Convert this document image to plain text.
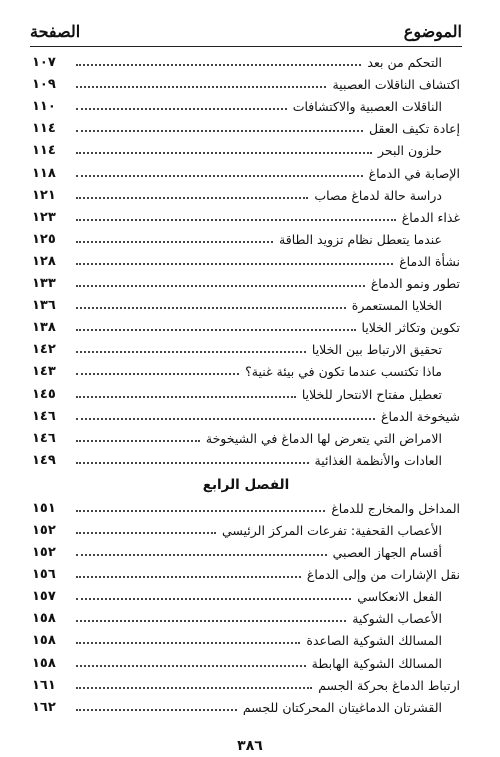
الموضوع
الصفحة
التحكم من بعد
١٠٧
اكتشاف الناقلات العصبية
١٠٩
الناقلات العصبية والاكتشافات
١١٠
إعادة تكيف العقل
١١٤
حلزون البحر
١١٤
الإصابة في الدماغ
١١٨
دراسة حالة لدماغ مصاب
١٢١
غذاء الدماغ
١٢٣
عندما يتعطل نظام تزويد الطاقة
١٢٥
نشأة الدماغ
١٢٨
تطور ونمو الدماغ
١٣٣
الخلايا المستعمرة
١٣٦
تكوين وتكاثر الخلايا
١٣٨
تحقيق الارتباط بين الخلايا
١٤٢
ماذا تكتسب عندما تكون في بيئة غنية؟
١٤٣
تعطيل مفتاح الانتحار للخلايا
١٤٥
شيخوخة الدماغ
١٤٦
الامراض التي يتعرض لها الدماغ في الشيخوخة
١٤٦
العادات والأنظمة الغذائية
١٤٩
الفصل الرابع
المداخل والمخارج للدماغ
١٥١
الأعصاب القحفية: تفرعات المركز الرئيسي
١٥٢
أقسام الجهاز العصبي
١٥٢
نقل الإشارات من وإلى الدماغ
١٥٦
الفعل الانعكاسي
١٥٧
الأعصاب الشوكية
١٥٨
المسالك الشوكية الصاعدة
١٥٨
المسالك الشوكية الهابطة
١٥٨
ارتباط الدماغ بحركة الجسم
١٦١
القشرتان الدماغيتان المحركتان للجسم
١٦٢
٣٨٦
